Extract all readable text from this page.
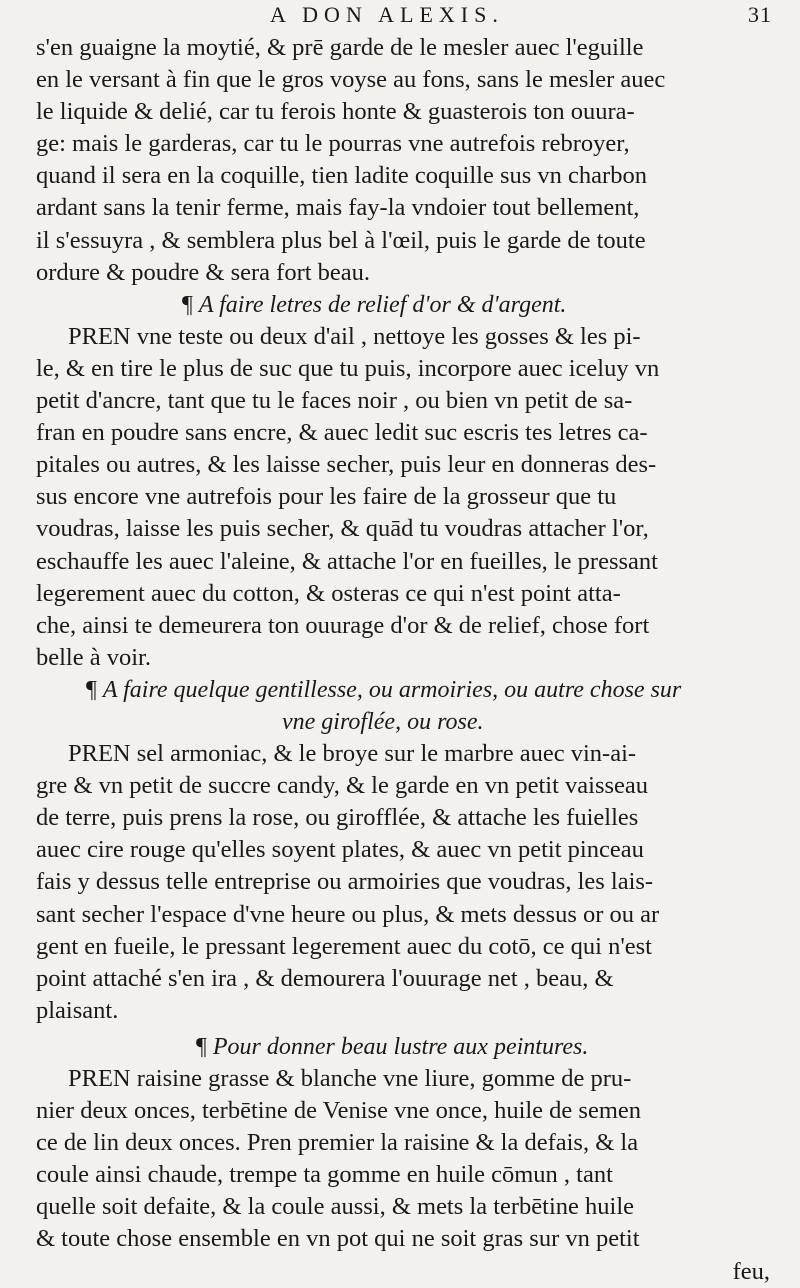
A DON ALEXIS.	31
s'en guaigne la moytié, & prē garde de le mesler auec l'eguille
en le versant à fin que le gros voyse au fons, sans le mesler auec
le liquide & delié, car tu ferois honte & guasterois ton ouura-
ge: mais le garderas, car tu le pourras vne autrefois rebroyer,
quand il sera en la coquille, tien ladite coquille sus vn charbon
ardant sans la tenir ferme, mais fay-la vndoier tout bellement,
il s'essuyra , & semblera plus bel à l'œil, puis le garde de toute
ordure & poudre & sera fort beau.
¶ A faire letres de relief d'or & d'argent.
PREN vne teste ou deux d'ail , nettoye les gosses & les pi-
le, & en tire le plus de suc que tu puis, incorpore auec iceluy vn
petit d'ancre, tant que tu le faces noir , ou bien vn petit de sa-
fran en poudre sans encre, & auec ledit suc escris tes letres ca-
pitales ou autres, & les laisse secher, puis leur en donneras des-
sus encore vne autrefois pour les faire de la grosseur que tu
voudras, laisse les puis secher, & quād tu voudras attacher l'or,
eschauffe les auec l'aleine, & attache l'or en fueilles, le pressant
legerement auec du cotton, & osteras ce qui n'est point atta-
che, ainsi te demeurera ton ouurage d'or & de relief, chose fort
belle à voir.
¶ A faire quelque gentillesse, ou armoiries, ou autre chose sur
vne giroflée, ou rose.
PREN sel armoniac, & le broye sur le marbre auec vin-ai-
gre & vn petit de succre candy, & le garde en vn petit vaisseau
de terre, puis prens la rose, ou girofflée, & attache les fuielles
auec cire rouge qu'elles soyent plates, & auec vn petit pinceau
fais y dessus telle entreprise ou armoiries que voudras, les lais-
sant secher l'espace d'vne heure ou plus, & mets dessus or ou ar
gent en fueile, le pressant legerement auec du cotō, ce qui n'est
point attaché s'en ira , & demourera l'ouurage net , beau, &
plaisant.
¶ Pour donner beau lustre aux peintures.
PREN raisine grasse & blanche vne liure, gomme de pru-
nier deux onces, terbētine de Venise vne once, huile de semen
ce de lin deux onces. Pren premier la raisine & la defais, & la
coule ainsi chaude, trempe ta gomme en huile cōmun , tant
quelle soit defaite, & la coule aussi, & mets la terbētine huile
& toute chose ensemble en vn pot qui ne soit gras sur vn petit
feu,
